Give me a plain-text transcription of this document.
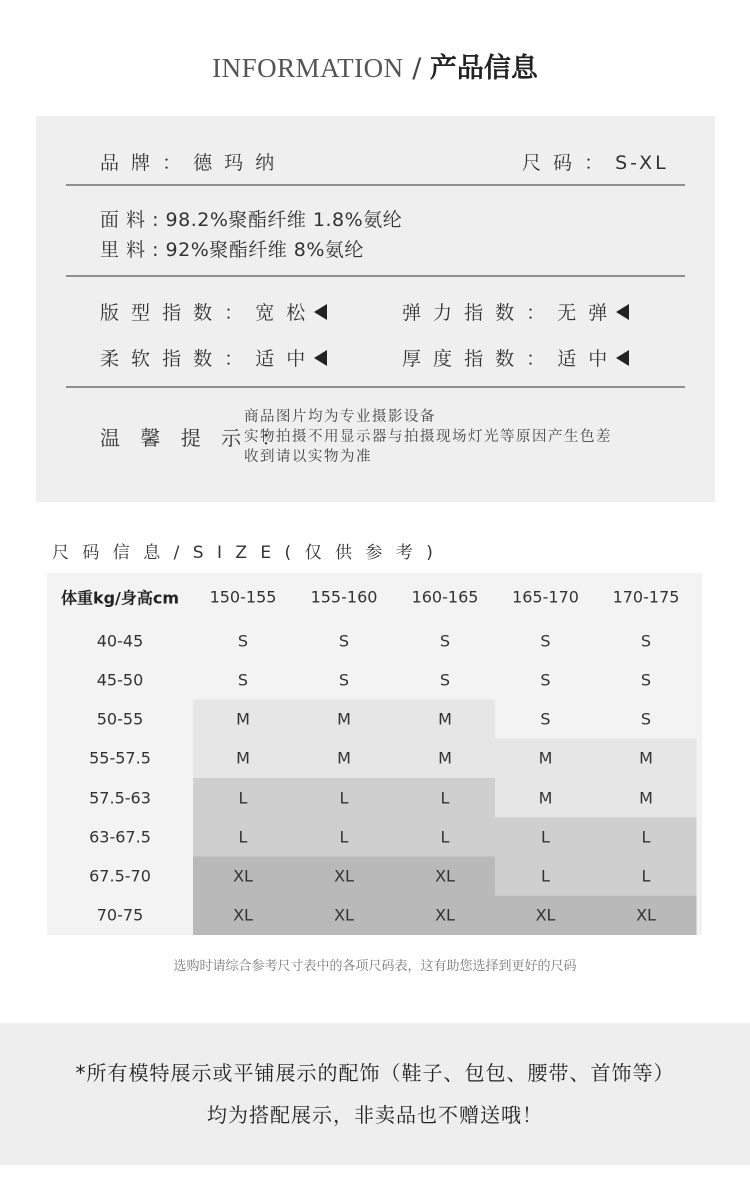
INFORMATION / 产品信息
品 牌 ： 德 玛 纳	尺 码 ： S-XL
面 料 : 98.2%聚酯纤维 1.8%氨纶
里 料 : 92%聚酯纤维 8%氨纶
版 型 指 数 ： 宽 松	弹 力 指 数 ： 无 弹
柔 软 指 数 ： 适 中	厚 度 指 数 ： 适 中
温 馨 提 示 ：
商品图片均为专业摄影设备
实物拍摄不用显示器与拍摄现场灯光等原因产生色差
收到请以实物为准
尺 码 信 息 / S I Z E ( 仅 供 参 考 )
体重kg/身高cm 150-155 155-160 160-165 165-170 170-175
40-45	S	S	S	S	S
45-50	S	S	S	S	S
50-55	M	M	M	S	S
55-57.5	M	M	M	M	M
57.5-63	L	L	L	M	M
63-67.5	L	L	L	L	L
67.5-70	XL	XL	XL	L	L
70-75	XL	XL	XL	XL	XL
选购时请综合参考尺寸表中的各项尺码表，这有助您选择到更好的尺码
*所有模特展示或平铺展示的配饰（鞋子、包包、腰带、首饰等）
均为搭配展示，非卖品也不赠送哦！
